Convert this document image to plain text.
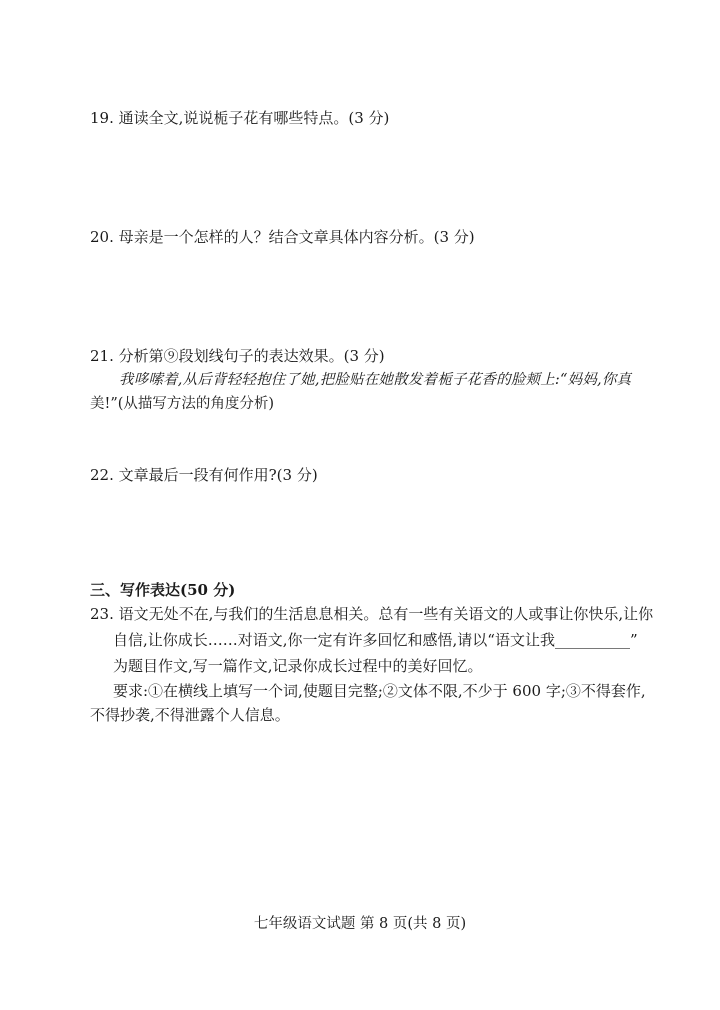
19. 通读全文,说说栀子花有哪些特点。(3 分)
20. 母亲是一个怎样的人？结合文章具体内容分析。(3 分)
21. 分析第⑨段划线句子的表达效果。(3 分)
我哆嗦着,从后背轻轻抱住了她,把脸贴在她散发着栀子花香的脸颊上:“妈妈,你真
美!”(从描写方法的角度分析)
22. 文章最后一段有何作用?(3 分)
三、写作表达(50 分)
23. 语文无处不在,与我们的生活息息相关。总有一些有关语文的人或事让你快乐,让你
自信,让你成长……对语文,你一定有许多回忆和感悟,请以“语文让我__________”
为题目作文,写一篇作文,记录你成长过程中的美好回忆。
要求:①在横线上填写一个词,使题目完整;②文体不限,不少于 600 字;③不得套作,
不得抄袭,不得泄露个人信息。
七年级语文试题 第 8 页(共 8 页)
